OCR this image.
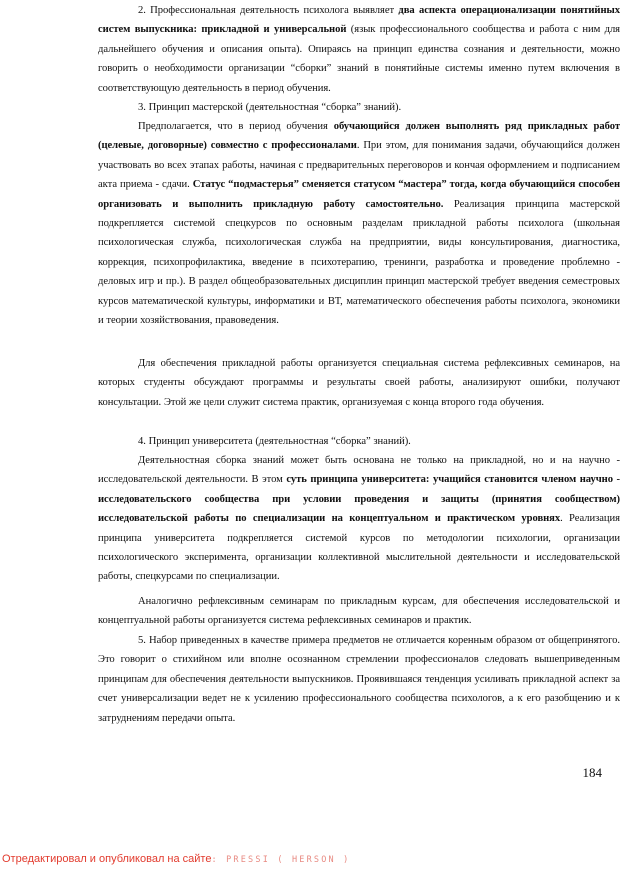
2. Профессиональная деятельность психолога выявляет два аспекта операционализации понятийных систем выпускника: прикладной и универсальной (язык профессионального сообщества и работа с ним для дальнейшего обучения и описания опыта). Опираясь на принцип единства сознания и деятельности, можно говорить о необходимости организации “сборки” знаний в понятийные системы именно путем включения в соответствующую деятельность в период обучения.

3. Принцип мастерской (деятельностная “сборка” знаний).

Предполагается, что в период обучения обучающийся должен выполнять ряд прикладных работ (целевые, договорные) совместно с профессионалами. При этом, для понимания задачи, обучающийся должен участвовать во всех этапах работы, начиная с предварительных переговоров и кончая оформлением и подписанием акта приема - сдачи. Статус “подмастерья” сменяется статусом “мастера” тогда, когда обучающийся способен организовать и выполнить прикладную работу самостоятельно. Реализация принципа мастерской подкрепляется системой спецкурсов по основным разделам прикладной работы психолога (школьная психологическая служба, психологическая служба на предприятии, виды консультирования, диагностика, коррекция, психопрофилактика, введение в психотерапию, тренинги, разработка и проведение проблемно - деловых игр и пр.). В раздел общеобразовательных дисциплин принцип мастерской требует введения семестровых курсов математической культуры, информатики и ВТ, математического обеспечения работы психолога, экономики и теории хозяйствования, правоведения.

Для обеспечения прикладной работы организуется специальная система рефлексивных семинаров, на которых студенты обсуждают программы и результаты своей работы, анализируют ошибки, получают консультации. Этой же цели служит система практик, организуемая с конца второго года обучения.

4. Принцип университета (деятельностная “сборка” знаний).

Деятельностная сборка знаний может быть основана не только на прикладной, но и на научно - исследовательской деятельности. В этом суть принципа университета: учащийся становится членом научно - исследовательского сообщества при условии проведения и защиты (принятия сообществом) исследовательской работы по специализации на концептуальном и практическом уровнях. Реализация принципа университета подкрепляется системой курсов по методологии психологии, организации психологического эксперимента, организации коллективной мыслительной деятельности и исследовательской работы, спецкурсами по специализации.

Аналогично рефлексивным семинарам по прикладным курсам, для обеспечения исследовательской и концептуальной работы организуется система рефлексивных семинаров и практик.

5. Набор приведенных в качестве примера предметов не отличается коренным образом от общепринятого. Это говорит о стихийном или вполне осознанном стремлении профессионалов следовать вышеприведенным принципам для обеспечения деятельности выпускников. Проявившаяся тенденция усиливать прикладной аспект за счет универсализации ведет не к усилению профессионального сообщества психологов, а к его разобщению и к затруднениям передачи опыта.

184
Отредактировал и опубликовал на сайте: PRESSI ( HERSON )
